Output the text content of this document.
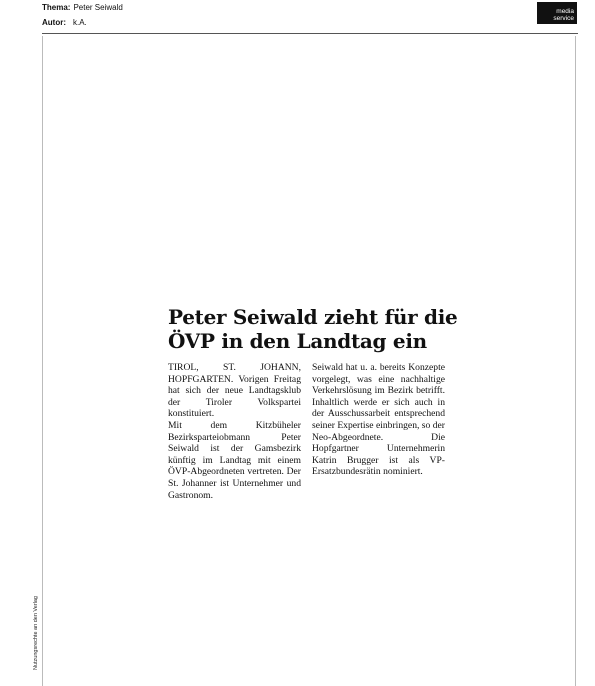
Thema: Peter Seiwald
Autor: k.A.
media
service
Nutzungsrechte an den Verlag
Peter Seiwald zieht für die
ÖVP in den Landtag ein

TIROL, ST. JOHANN, HOPFGARTEN. Vorigen Freitag hat sich der neue Landtagsklub der Tiroler Volkspartei konstituiert.

Mit dem Kitzbüheler Bezirksparteiobmann Peter Seiwald ist der Gamsbezirk künftig im Landtag mit einem ÖVP-Abgeordneten vertreten. Der St. Johanner ist Unternehmer und Gastronom.

Seiwald hat u. a. bereits Konzepte vorgelegt, was eine nachhaltige Verkehrslösung im Bezirk betrifft. Inhaltlich werde er sich auch in der Ausschussarbeit entsprechend seiner Expertise einbringen, so der Neo-Abgeordnete. Die Hopfgartner Unternehmerin Katrin Brugger ist als VP-Ersatzbundesrätin nominiert.
